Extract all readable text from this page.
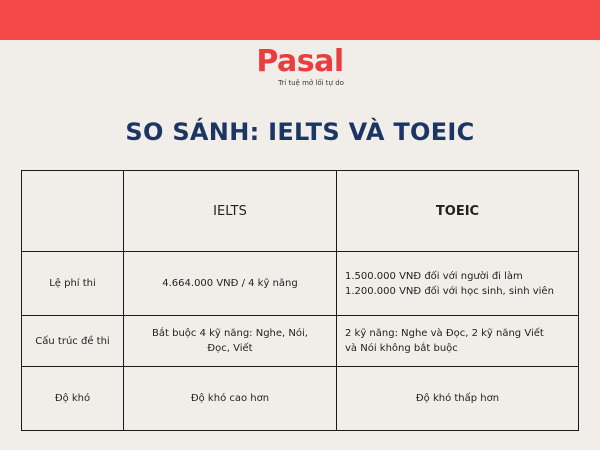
Pasal
Trí tuệ mở lối tự do
SO SÁNH: IELTS VÀ TOEIC
	IELTS	TOEIC
Lệ phí thi	4.664.000 VNĐ / 4 kỹ năng	1.500.000 VNĐ đối với người đi làm
1.200.000 VNĐ đối với học sinh, sinh viên

Cấu trúc đề thi	Bắt buộc 4 kỹ năng: Nghe, Nói,
Đọc, Viết	2 kỹ năng: Nghe và Đọc, 2 kỹ năng Viết
và Nói không bắt buộc

Độ khó	Độ khó cao hơn	Độ khó thấp hơn
